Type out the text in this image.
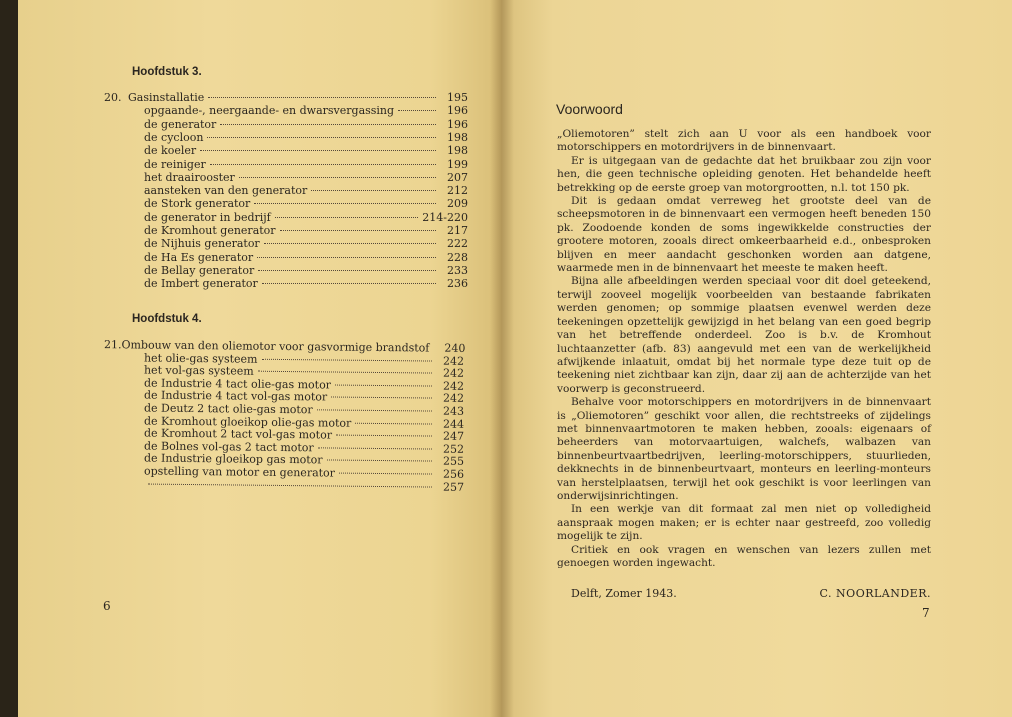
Hoofdstuk 3.
20. Gasinstallatie	195
opgaande-, neergaande- en dwarsvergassing	196
de generator	196
de cycloon	198
de koeler	198
de reiniger	199
het draairooster	207
aansteken van den generator	212
de Stork generator	209
de generator in bedrijf	214-220
de Kromhout generator	217
de Nijhuis generator	222
de Ha Es generator	228
de Bellay generator	233
de Imbert generator	236
Hoofdstuk 4.
21. Ombouw van den oliemotor voor gasvormige brandstof	240
het olie-gas systeem	242
het vol-gas systeem	242
de Industrie 4 tact olie-gas motor	242
de Industrie 4 tact vol-gas motor	242
de Deutz 2 tact olie-gas motor	243
de Kromhout gloeikop olie-gas motor	244
de Kromhout 2 tact vol-gas motor	247
de Bolnes vol-gas 2 tact motor	252
de Industrie gloeikop gas motor	255
opstelling van motor en generator	256
257
6
Voorwoord

„Oliemotoren” stelt zich aan U voor als een handboek voor motorschippers en motordrijvers in de binnenvaart.

Er is uitgegaan van de gedachte dat het bruikbaar zou zijn voor hen, die geen technische opleiding genoten. Het behandelde heeft betrekking op de eerste groep van motorgrootten, n.l. tot 150 pk.

Dit is gedaan omdat verreweg het grootste deel van de scheepsmotoren in de binnenvaart een vermogen heeft beneden 150 pk. Zoodoende konden de soms ingewikkelde constructies der grootere motoren, zooals direct omkeerbaarheid e.d., onbesproken blijven en meer aandacht geschonken worden aan datgene, waarmede men in de binnenvaart het meeste te maken heeft.

Bijna alle afbeeldingen werden speciaal voor dit doel geteekend, terwijl zooveel mogelijk voorbeelden van bestaande fabrikaten werden genomen; op sommige plaatsen evenwel werden deze teekeningen opzettelijk gewijzigd in het belang van een goed begrip van het betreffende onderdeel. Zoo is b.v. de Kromhout luchtaanzetter (afb. 83) aangevuld met een van de werkelijkheid afwijkende inlaatuit, omdat bij het normale type deze tuit op de teekening niet zichtbaar kan zijn, daar zij aan de achterzijde van het voorwerp is geconstrueerd.

Behalve voor motorschippers en motordrijvers in de binnenvaart is „Oliemotoren” geschikt voor allen, die rechtstreeks of zijdelings met binnenvaartmotoren te maken hebben, zooals: eigenaars of beheerders van motorvaartuigen, walchefs, walbazen van binnenbeurtvaartbedrijven, leerling-motorschippers, stuurlieden, dekknechts in de binnenbeurtvaart, monteurs en leerling-monteurs van herstelplaatsen, terwijl het ook geschikt is voor leerlingen van onderwijsinrichtingen.

In een werkje van dit formaat zal men niet op volledigheid aanspraak mogen maken; er is echter naar gestreefd, zoo volledig mogelijk te zijn.

Critiek en ook vragen en wenschen van lezers zullen met genoegen worden ingewacht.

Delft, Zomer 1943.	C. NOORLANDER.
7
